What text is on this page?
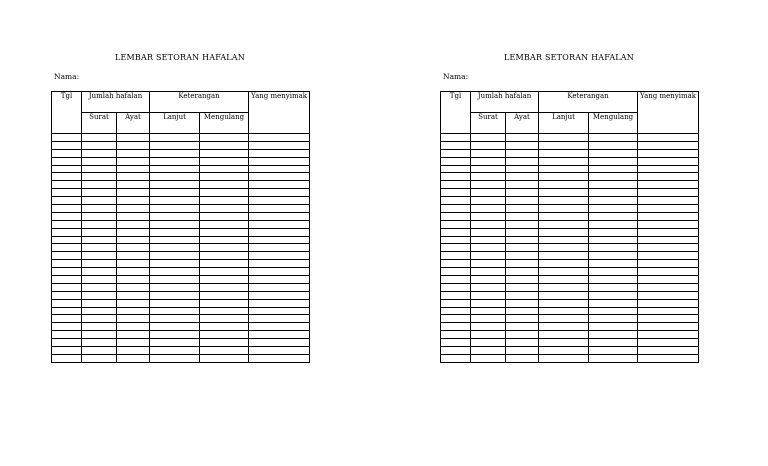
LEMBAR SETORAN HAFALAN
Nama:
Tgl	Jumlah hafalan		Keterangan		Yang menyimak
	Surat	Ayat	Lanjut	Mengulang	

LEMBAR SETORAN HAFALAN
Nama:
Tgl	Jumlah hafalan		Keterangan		Yang menyimak
	Surat	Ayat	Lanjut	Mengulang	
